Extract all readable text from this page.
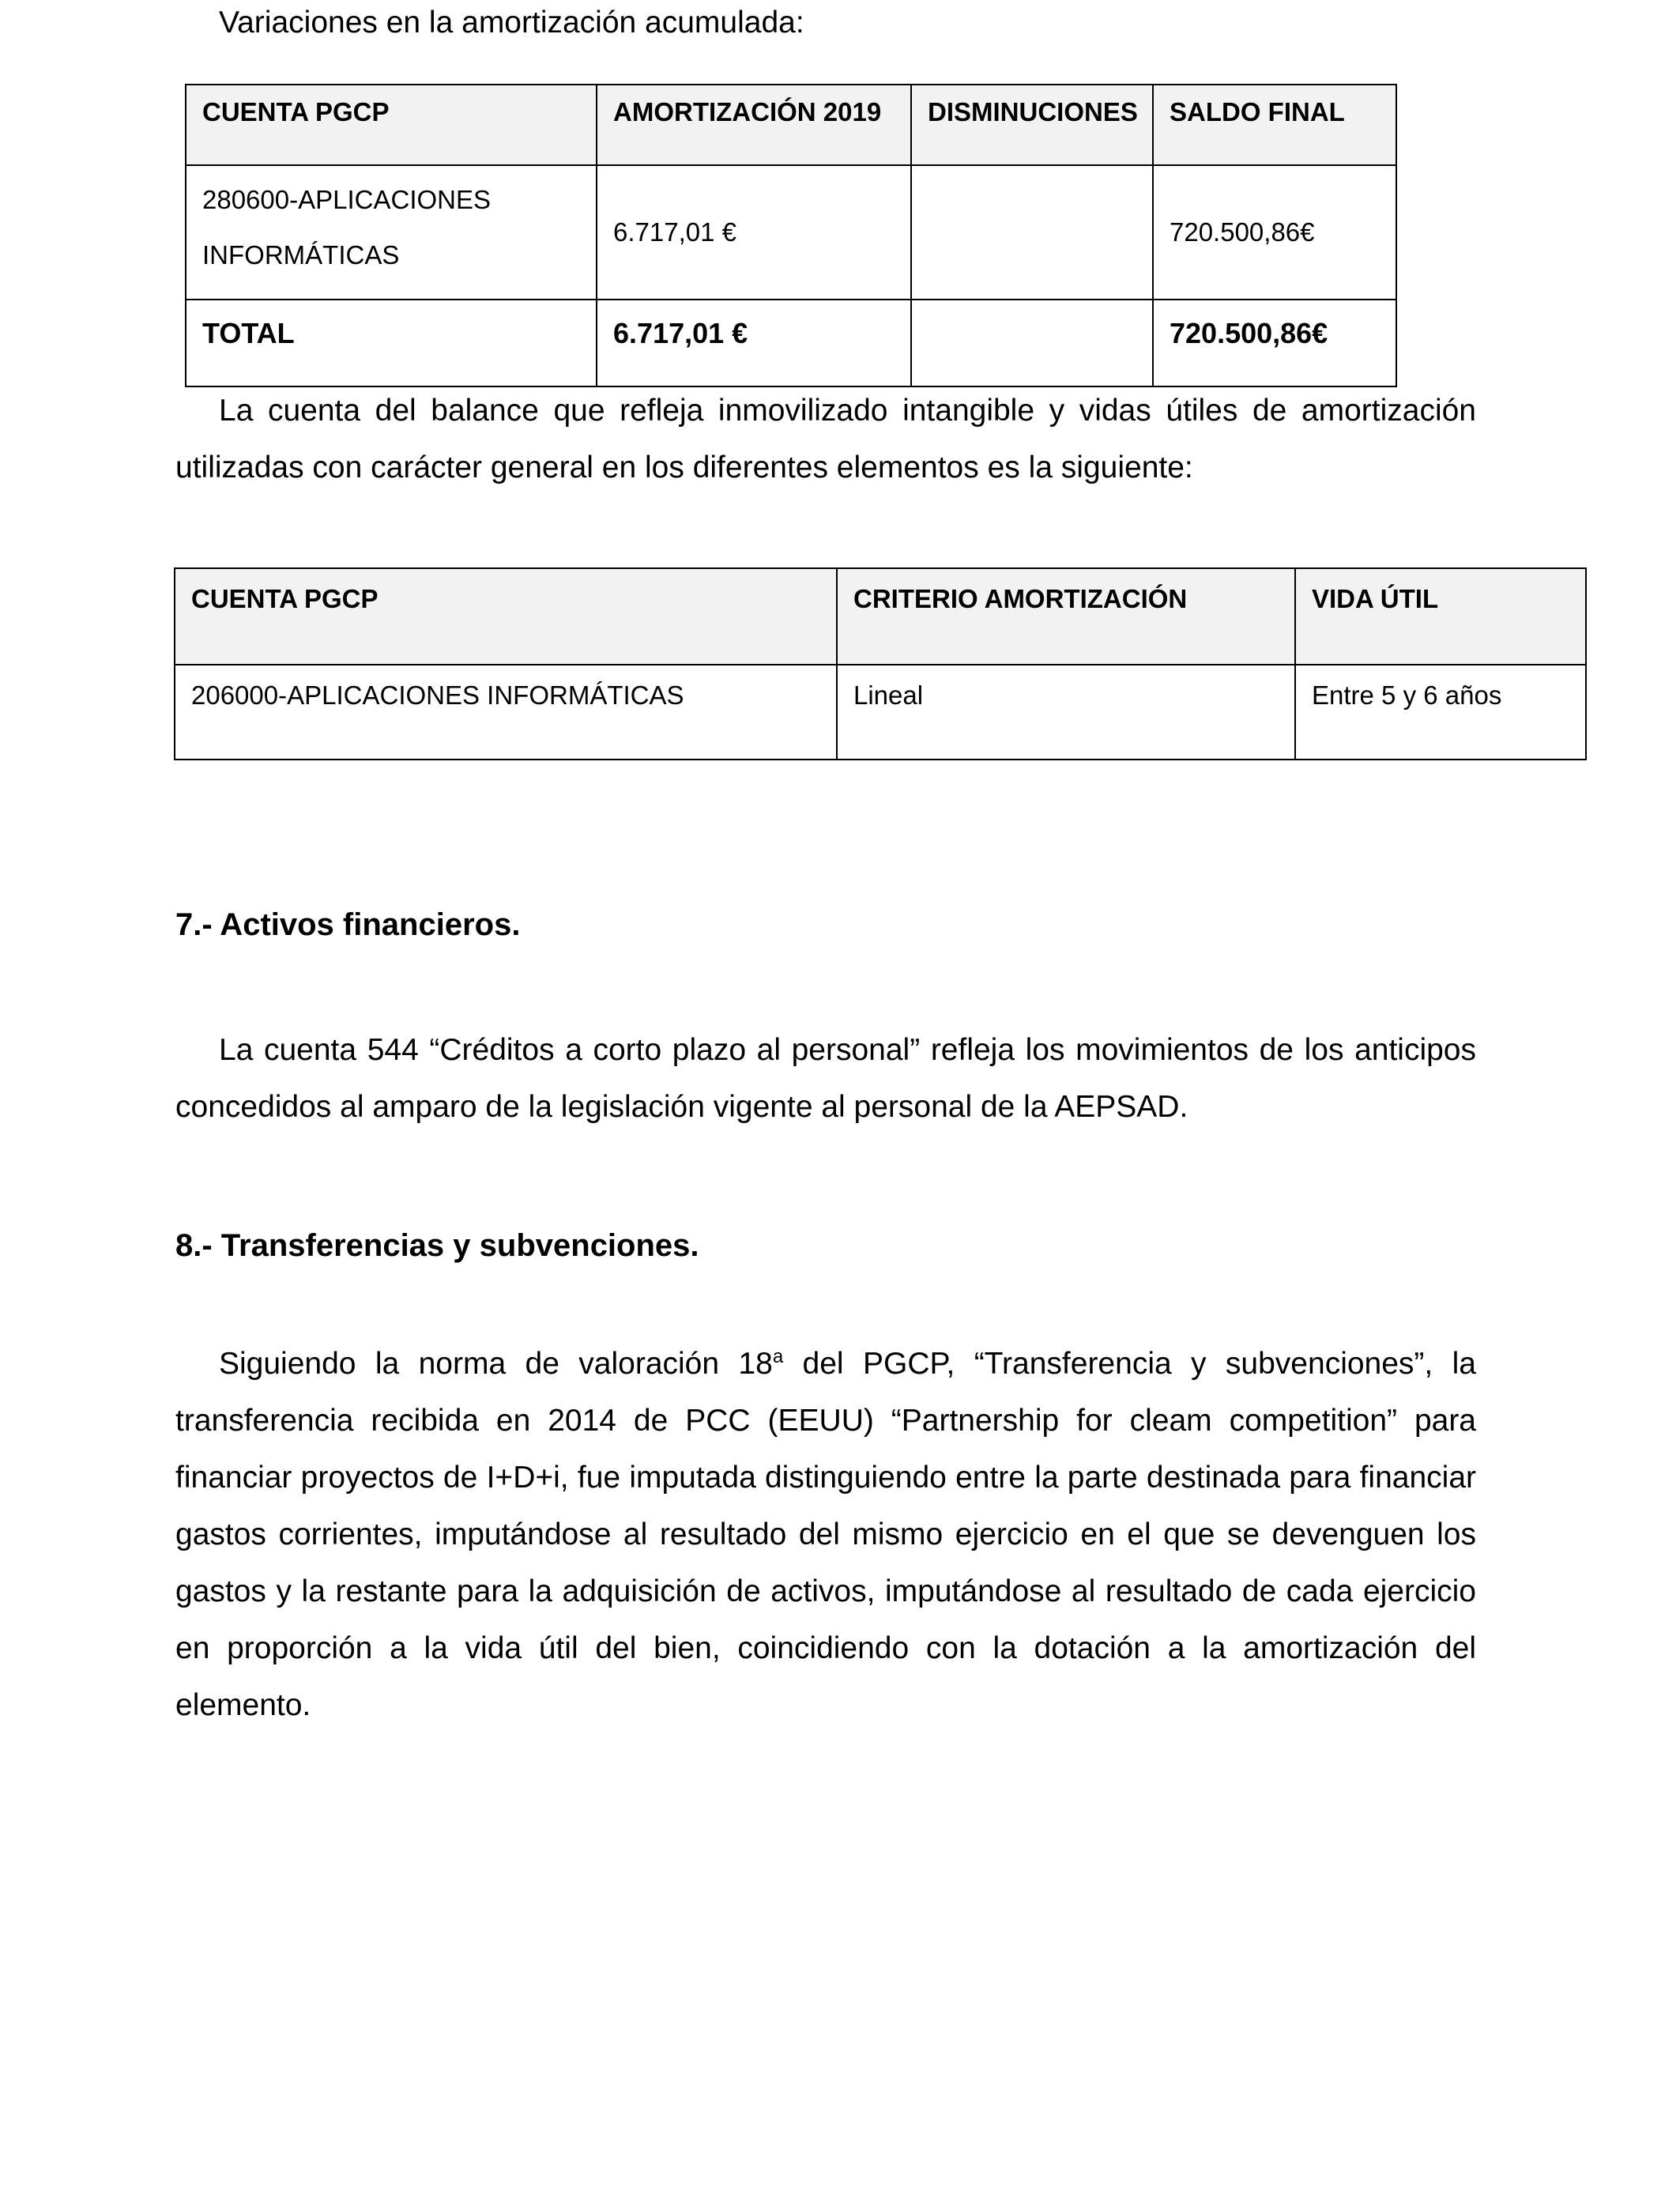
Variaciones en la amortización acumulada:

CUENTA PGCP	AMORTIZACIÓN 2019	DISMINUCIONES	SALDO FINAL

280600-APLICACIONES
INFORMÁTICAS	6.717,01 €		720.500,86€
TOTAL	6.717,01 €		720.500,86€

La cuenta del balance que refleja inmovilizado intangible y vidas útiles de amortización utilizadas con carácter general en los diferentes elementos es la siguiente:

CUENTA PGCP	CRITERIO AMORTIZACIÓN	VIDA ÚTIL
206000-APLICACIONES INFORMÁTICAS	Lineal	Entre 5 y 6 años
7.- Activos financieros.

La cuenta 544 “Créditos a corto plazo al personal” refleja los movimientos de los anticipos concedidos al amparo de la legislación vigente al personal de la AEPSAD.

8.- Transferencias y subvenciones.

Siguiendo la norma de valoración 18$^a$ del PGCP, “Transferencia y subvenciones”, la transferencia recibida en 2014 de PCC (EEUU) “Partnership for cleam competition” para financiar proyectos de I+D+i, fue imputada distinguiendo entre la parte destinada para financiar gastos corrientes, imputándose al resultado del mismo ejercicio en el que se devenguen los gastos y la restante para la adquisición de activos, imputándose al resultado de cada ejercicio en proporción a la vida útil del bien, coincidiendo con la dotación a la amortización del elemento.
